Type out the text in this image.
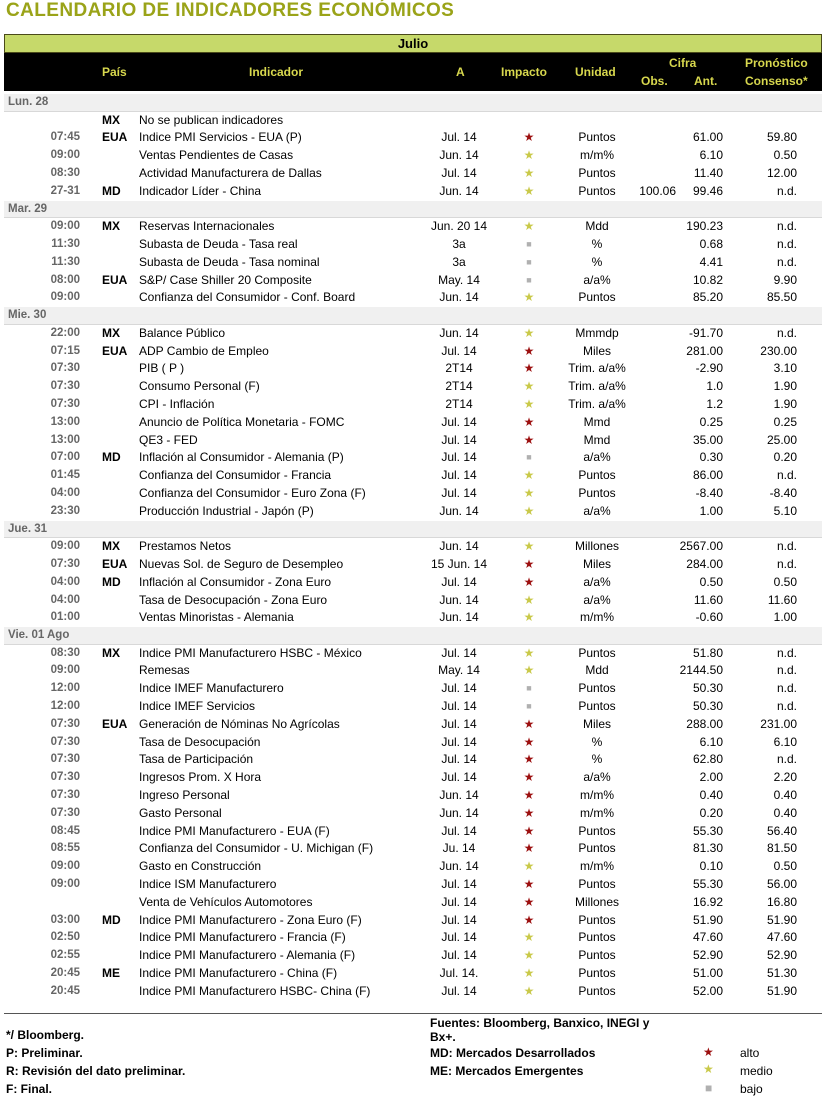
CALENDARIO DE INDICADORES ECONÓMICOS
Julio
País	Indicador	A	Impacto Unidad
Cifra
Obs. Ant.
Pronóstico
Consenso*
Lun. 28
MX	No se publican indicadores
07:45 EUA Indice PMI Servicios - EUA (P)	Jul. 14	★	Puntos	61.00	59.80
09:00	Ventas Pendientes de Casas	Jun. 14	★	m/m%	6.10	0.50
08:30	Actividad Manufacturera de Dallas	Jul. 14	★	Puntos	11.40	12.00
27-31 MD	Indicador Líder - China	Jun. 14	★	Puntos	100.06	99.46	n.d.
Mar. 29
09:00 MX	Reservas Internacionales	Jun. 20 14	★	Mdd	190.23	n.d.
11:30	Subasta de Deuda - Tasa real	3a	■	%	0.68	n.d.
11:30	Subasta de Deuda - Tasa nominal	3a	■	%	4.41	n.d.
08:00 EUA S&P/ Case Shiller 20 Composite	May. 14	■	a/a%	10.82	9.90
09:00	Confianza del Consumidor - Conf. Board	Jun. 14	★	Puntos	85.20	85.50
Mie. 30
22:00 MX	Balance Público	Jun. 14	★	Mmmdp	-91.70	n.d.
07:15 EUA ADP Cambio de Empleo	Jul. 14	★	Miles	281.00	230.00
07:30	PIB ( P )	2T14	★	Trim. a/a%	-2.90	3.10
07:30	Consumo Personal (F)	2T14	★	Trim. a/a%	1.0	1.90
07:30	CPI - Inflación	2T14	★	Trim. a/a%	1.2	1.90
13:00	Anuncio de Política Monetaria - FOMC	Jul. 14	★	Mmd	0.25	0.25
13:00	QE3 - FED	Jul. 14	★	Mmd	35.00	25.00
07:00 MD	Inflación al Consumidor - Alemania (P)	Jul. 14	■	a/a%	0.30	0.20
01:45	Confianza del Consumidor - Francia	Jul. 14	★	Puntos	86.00	n.d.
04:00	Confianza del Consumidor - Euro Zona (F)	Jul. 14	★	Puntos	-8.40	-8.40
23:30	Producción Industrial - Japón (P)	Jun. 14	★	a/a%	1.00	5.10
Jue. 31
09:00 MX	Prestamos Netos	Jun. 14	★	Millones	2567.00	n.d.
07:30 EUA Nuevas Sol. de Seguro de Desempleo	15 Jun. 14	★	Miles	284.00	n.d.
04:00 MD	Inflación al Consumidor - Zona Euro	Jul. 14	★	a/a%	0.50	0.50
04:00	Tasa de Desocupación - Zona Euro	Jun. 14	★	a/a%	11.60	11.60
01:00	Ventas Minoristas - Alemania	Jun. 14	★	m/m%	-0.60	1.00
Vie. 01 Ago
08:30 MX	Indice PMI Manufacturero HSBC - México	Jul. 14	★	Puntos	51.80	n.d.
09:00	Remesas	May. 14	★	Mdd	2144.50	n.d.
12:00	Indice IMEF Manufacturero	Jul. 14	■	Puntos	50.30	n.d.
12:00	Indice IMEF Servicios	Jul. 14	■	Puntos	50.30	n.d.
07:30 EUA Generación de Nóminas No Agrícolas	Jul. 14	★	Miles	288.00	231.00
07:30	Tasa de Desocupación	Jul. 14	★	%	6.10	6.10
07:30	Tasa de Participación	Jul. 14	★	%	62.80	n.d.
07:30	Ingresos Prom. X Hora	Jul. 14	★	a/a%	2.00	2.20
07:30	Ingreso Personal	Jun. 14	★	m/m%	0.40	0.40
07:30	Gasto Personal	Jun. 14	★	m/m%	0.20	0.40
08:45	Indice PMI Manufacturero - EUA (F)	Jul. 14	★	Puntos	55.30	56.40
08:55	Confianza del Consumidor - U. Michigan (F)	Ju. 14	★	Puntos	81.30	81.50
09:00	Gasto en Construcción	Jun. 14	★	m/m%	0.10	0.50
09:00	Indice ISM Manufacturero	Jul. 14	★	Puntos	55.30	56.00
Venta de Vehículos Automotores	Jul. 14	★	Millones	16.92	16.80
03:00 MD	Indice PMI Manufacturero - Zona Euro (F)	Jul. 14	★	Puntos	51.90	51.90
02:50	Indice PMI Manufacturero - Francia (F)	Jul. 14	★	Puntos	47.60	47.60
02:55	Indice PMI Manufacturero - Alemania (F)	Jul. 14	★	Puntos	52.90	52.90
20:45 ME	Indice PMI Manufacturero - China (F)	Jul. 14.	★	Puntos	51.00	51.30
20:45	Indice PMI Manufacturero HSBC- China (F)	Jul. 14	★	Puntos	52.00	51.90
*/ Bloomberg.
P: Preliminar.
R: Revisión del dato preliminar.
F: Final.
Fuentes: Bloomberg, Banxico, INEGI y
Bx+.
MD: Mercados Desarrollados
ME: Mercados Emergentes
★ alto
★ medio
■ bajo
